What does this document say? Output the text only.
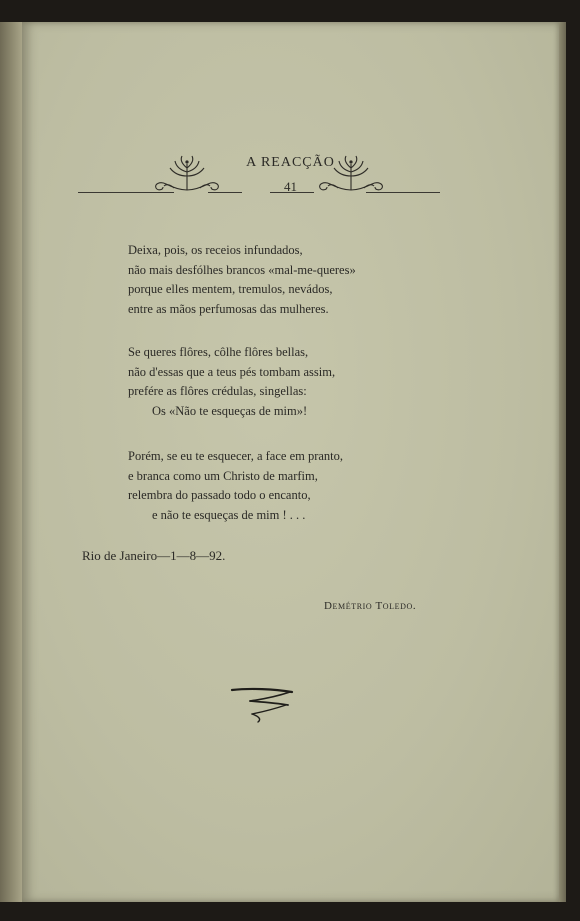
A REACÇÃO
41
Deixa, pois, os receios infundados,
não mais desfólhes brancos «mal-me-queres»
porque elles mentem, tremulos, nevádos,
entre as mãos perfumosas das mulheres.
Se queres flôres, côlhe flôres bellas,
não d'essas que a teus pés tombam assim,
prefére as flôres crédulas, singellas:
Os «Não te esqueças de mim»!
Porém, se eu te esquecer, a face em pranto,
e branca como um Christo de marfim,
relembra do passado todo o encanto,
e não te esqueças de mim ! . . .
Rio de Janeiro—1—8—92.
Demétrio Toledo.
